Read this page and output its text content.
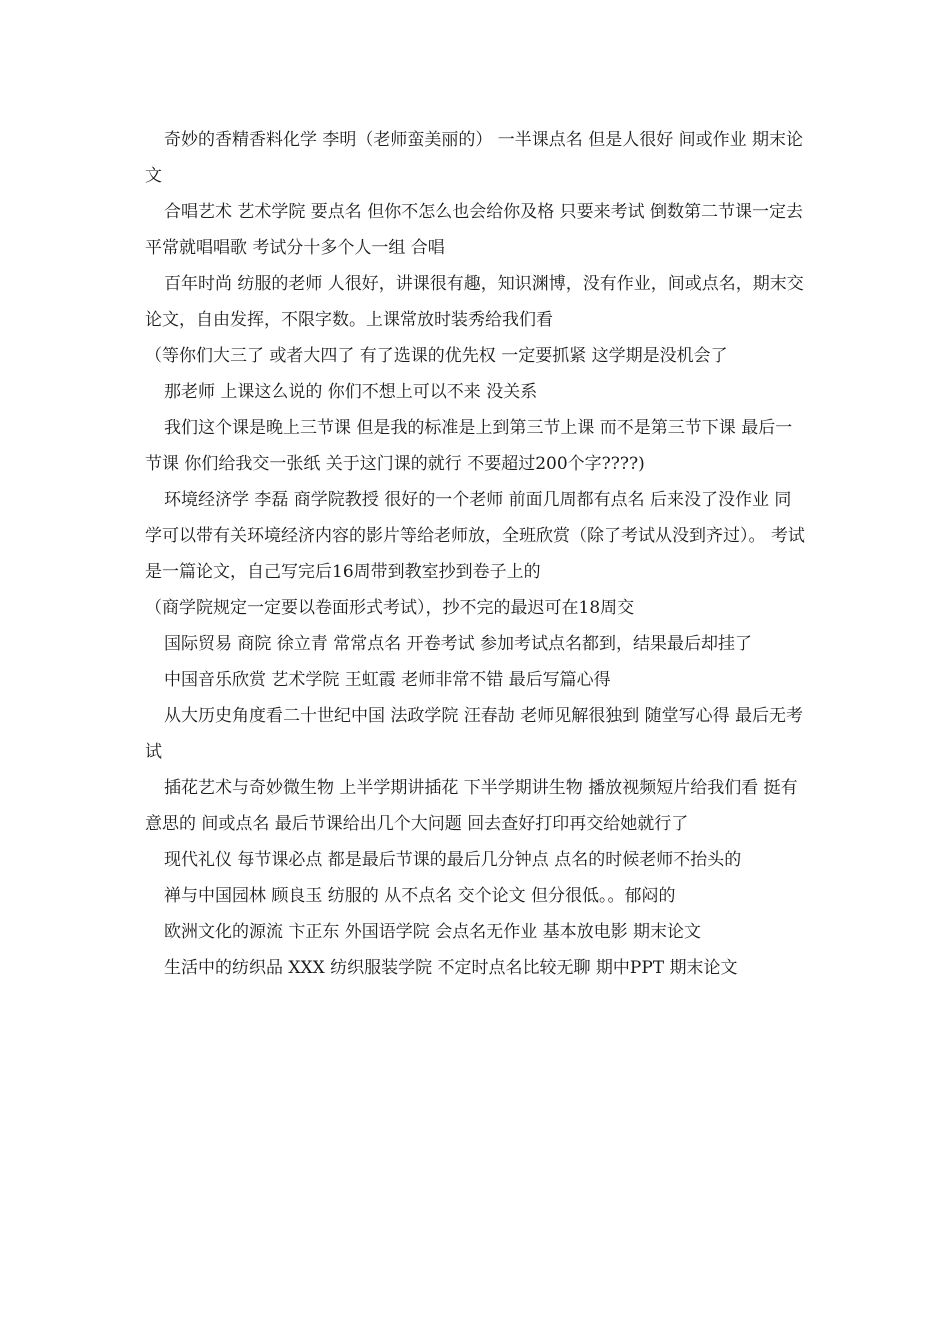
奇妙的香精香料化学 李明（老师蛮美丽的） 一半课点名 但是人很好 间或作业 期末论文

合唱艺术 艺术学院 要点名 但你不怎么也会给你及格 只要来考试 倒数第二节课一定去 平常就唱唱歌 考试分十多个人一组 合唱

百年时尚 纺服的老师 人很好，讲课很有趣，知识渊博，没有作业，间或点名，期末交论文，自由发挥，不限字数。上课常放时装秀给我们看

（等你们大三了 或者大四了 有了选课的优先权 一定要抓紧 这学期是没机会了

那老师 上课这么说的 你们不想上可以不来 没关系

我们这个课是晚上三节课 但是我的标准是上到第三节上课 而不是第三节下课 最后一节课 你们给我交一张纸 关于这门课的就行 不要超过200个字????)

环境经济学 李磊 商学院教授 很好的一个老师 前面几周都有点名 后来没了没作业 同学可以带有关环境经济内容的影片等给老师放，全班欣赏（除了考试从没到齐过）。 考试是一篇论文，自己写完后16周带到教室抄到卷子上的

（商学院规定一定要以卷面形式考试），抄不完的最迟可在18周交

国际贸易 商院 徐立青 常常点名 开卷考试 参加考试点名都到，结果最后却挂了

中国音乐欣赏 艺术学院 王虹霞 老师非常不错 最后写篇心得

从大历史角度看二十世纪中国 法政学院 汪春劼 老师见解很独到 随堂写心得 最后无考试

插花艺术与奇妙微生物 上半学期讲插花 下半学期讲生物 播放视频短片给我们看 挺有意思的 间或点名 最后节课给出几个大问题 回去查好打印再交给她就行了

现代礼仪 每节课必点 都是最后节课的最后几分钟点 点名的时候老师不抬头的

禅与中国园林 顾良玉 纺服的 从不点名 交个论文 但分很低。。郁闷的

欧洲文化的源流 卞正东 外国语学院 会点名无作业 基本放电影 期末论文

生活中的纺织品 XXX 纺织服装学院 不定时点名比较无聊 期中PPT 期末论文
